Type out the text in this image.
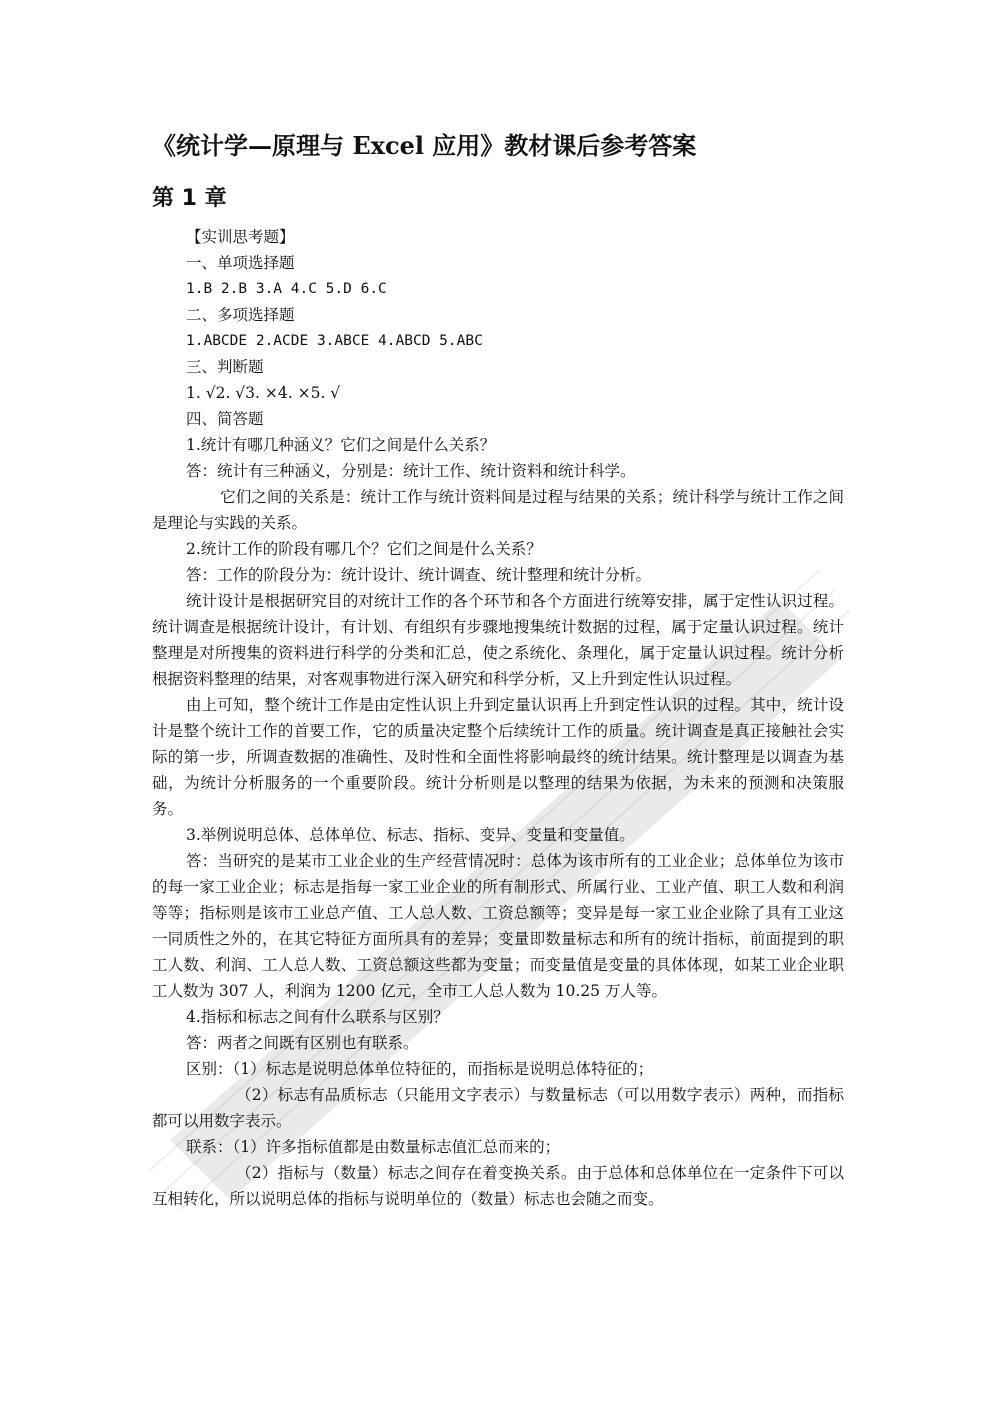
《统计学—原理与 Excel 应用》教材课后参考答案
第 1 章
【实训思考题】
一、单项选择题
1.B 2.B 3.A 4.C 5.D 6.C
二、多项选择题
1.ABCDE 2.ACDE 3.ABCE 4.ABCD 5.ABC
三、判断题
1. √2. √3. ×4. ×5. √
四、简答题
1.统计有哪几种涵义？它们之间是什么关系？
答：统计有三种涵义，分别是：统计工作、统计资料和统计科学。
它们之间的关系是：统计工作与统计资料间是过程与结果的关系；统计科学与统计工作之间是理论与实践的关系。
2.统计工作的阶段有哪几个？它们之间是什么关系？
答：工作的阶段分为：统计设计、统计调查、统计整理和统计分析。
统计设计是根据研究目的对统计工作的各个环节和各个方面进行统筹安排，属于定性认识过程。统计调查是根据统计设计，有计划、有组织有步骤地搜集统计数据的过程，属于定量认识过程。统计整理是对所搜集的资料进行科学的分类和汇总，使之系统化、条理化，属于定量认识过程。统计分析根据资料整理的结果，对客观事物进行深入研究和科学分析，又上升到定性认识过程。
由上可知，整个统计工作是由定性认识上升到定量认识再上升到定性认识的过程。其中，统计设计是整个统计工作的首要工作，它的质量决定整个后续统计工作的质量。统计调查是真正接触社会实际的第一步，所调查数据的准确性、及时性和全面性将影响最终的统计结果。统计整理是以调查为基础，为统计分析服务的一个重要阶段。统计分析则是以整理的结果为依据，为未来的预测和决策服务。
3.举例说明总体、总体单位、标志、指标、变异、变量和变量值。
答：当研究的是某市工业企业的生产经营情况时：总体为该市所有的工业企业；总体单位为该市的每一家工业企业；标志是指每一家工业企业的所有制形式、所属行业、工业产值、职工人数和利润等等；指标则是该市工业总产值、工人总人数、工资总额等；变异是每一家工业企业除了具有工业这一同质性之外的，在其它特征方面所具有的差异；变量即数量标志和所有的统计指标，前面提到的职工人数、利润、工人总人数、工资总额这些都为变量；而变量值是变量的具体体现，如某工业企业职工人数为 307 人，利润为 1200 亿元，全市工人总人数为 10.25 万人等。
4.指标和标志之间有什么联系与区别？
答：两者之间既有区别也有联系。
区别：（1）标志是说明总体单位特征的，而指标是说明总体特征的；
（2）标志有品质标志（只能用文字表示）与数量标志（可以用数字表示）两种，而指标都可以用数字表示。
联系：（1）许多指标值都是由数量标志值汇总而来的；
（2）指标与（数量）标志之间存在着变换关系。由于总体和总体单位在一定条件下可以互相转化，所以说明总体的指标与说明单位的（数量）标志也会随之而变。
